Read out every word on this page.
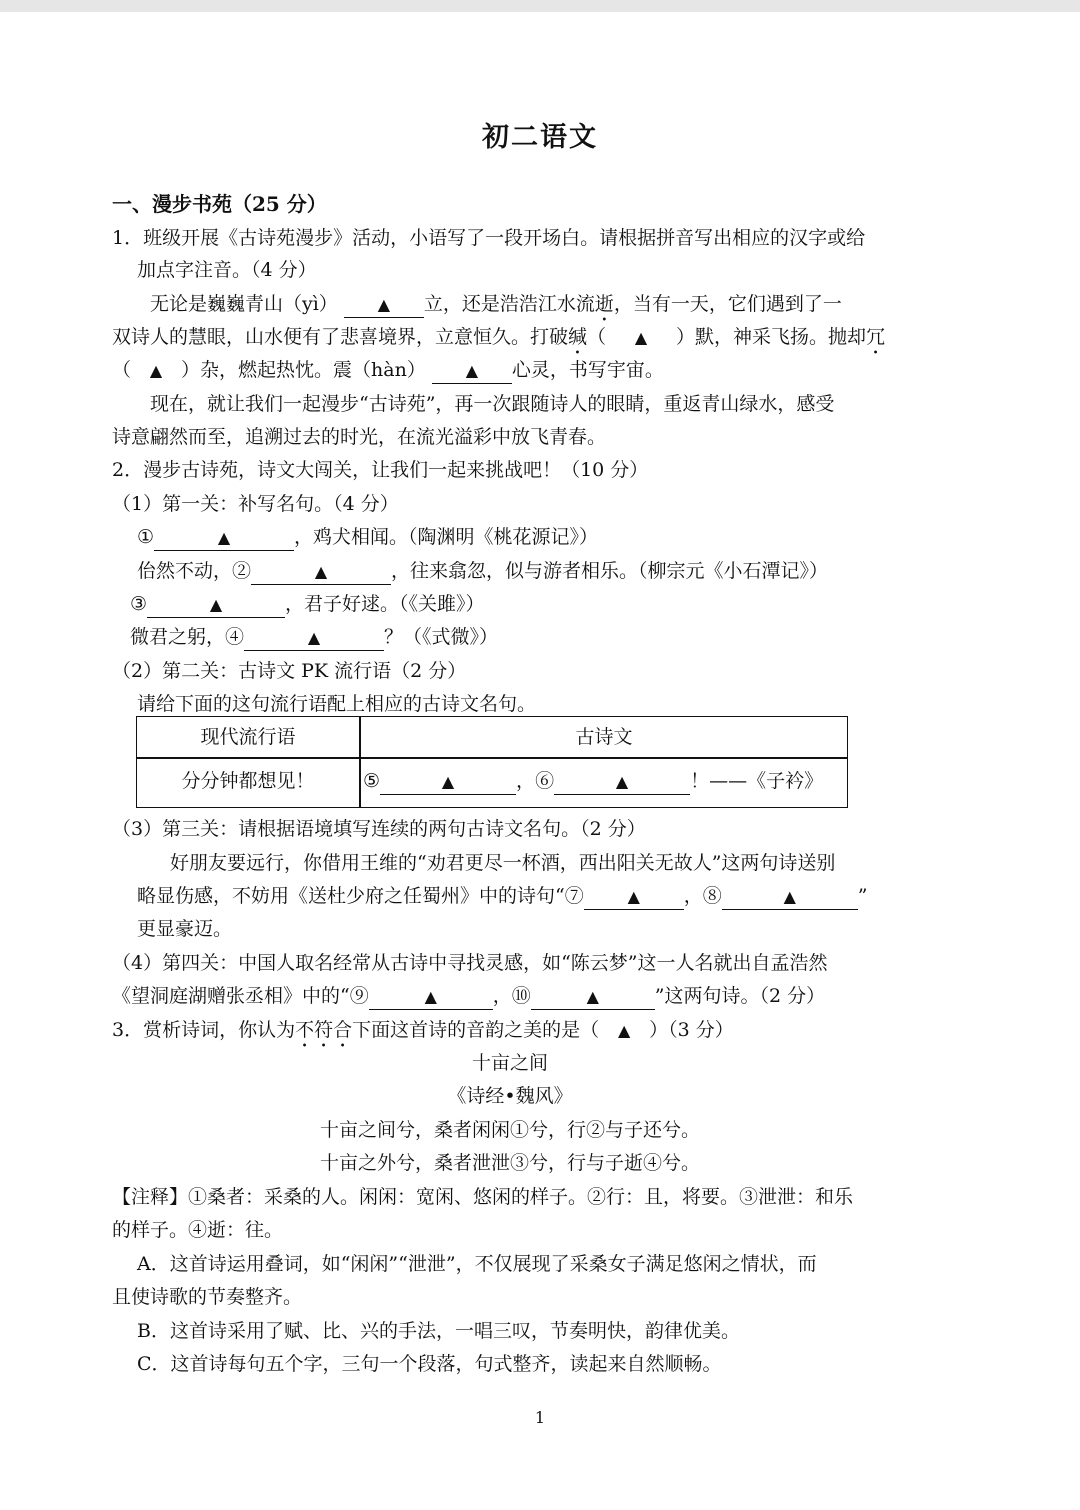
初二语文
一、漫步书苑（25 分）
1．班级开展《古诗苑漫步》活动，小语写了一段开场白。请根据拼音写出相应的汉字或给
加点字注音。（4 分）
无论是巍巍青山（yì） ▲ 立，还是浩浩江水流逝，当有一天，它们遇到了一
双诗人的慧眼，山水便有了悲喜境界，立意恒久。打破缄（ ▲ ）默，神采飞扬。抛却冗
（ ▲ ）杂，燃起热忱。震（hàn） ▲ 心灵，书写宇宙。
现在，就让我们一起漫步“古诗苑”，再一次跟随诗人的眼睛，重返青山绿水，感受
诗意翩然而至，追溯过去的时光，在流光溢彩中放飞青春。
2．漫步古诗苑，诗文大闯关，让我们一起来挑战吧！（10 分）
（1）第一关：补写名句。（4 分）
①	▲	，鸡犬相闻。（陶渊明《桃花源记》）
佁然不动，②	▲	，往来翕忽，似与游者相乐。（柳宗元《小石潭记》）
③	▲	，君子好逑。（《关雎》）
微君之躬，④	▲	？（《式微》）
（2）第二关：古诗文 PK 流行语（2 分）
请给下面的这句流行语配上相应的古诗文名句。
现代流行语	古诗文
分分钟都想见！	⑤	▲	，⑥	▲	！——《子衿》
（3）第三关：请根据语境填写连续的两句古诗文名句。（2 分）
好朋友要远行，你借用王维的“劝君更尽一杯酒，西出阳关无故人”这两句诗送别
略显伤感，不妨用《送杜少府之任蜀州》中的诗句“⑦	▲ ，⑧	▲	”
更显豪迈。
（4）第四关：中国人取名经常从古诗中寻找灵感，如“陈云梦”这一人名就出自孟浩然
《望洞庭湖赠张丞相》中的“⑨	▲	，⑩	▲	”这两句诗。（2 分）
3．赏析诗词，你认为不符合下面这首诗的音韵之美的是（ ▲ ）（3 分）
十亩之间
《诗经•魏风》
十亩之间兮，桑者闲闲①兮，行②与子还兮。
十亩之外兮，桑者泄泄③兮，行与子逝④兮。
【注释】①桑者：采桑的人。闲闲：宽闲、悠闲的样子。②行：且，将要。③泄泄：和乐
的样子。④逝：往。
A．这首诗运用叠词，如“闲闲”“泄泄”，不仅展现了采桑女子满足悠闲之情状，而
且使诗歌的节奏整齐。
B．这首诗采用了赋、比、兴的手法，一唱三叹，节奏明快，韵律优美。
C．这首诗每句五个字，三句一个段落，句式整齐，读起来自然顺畅。
1
